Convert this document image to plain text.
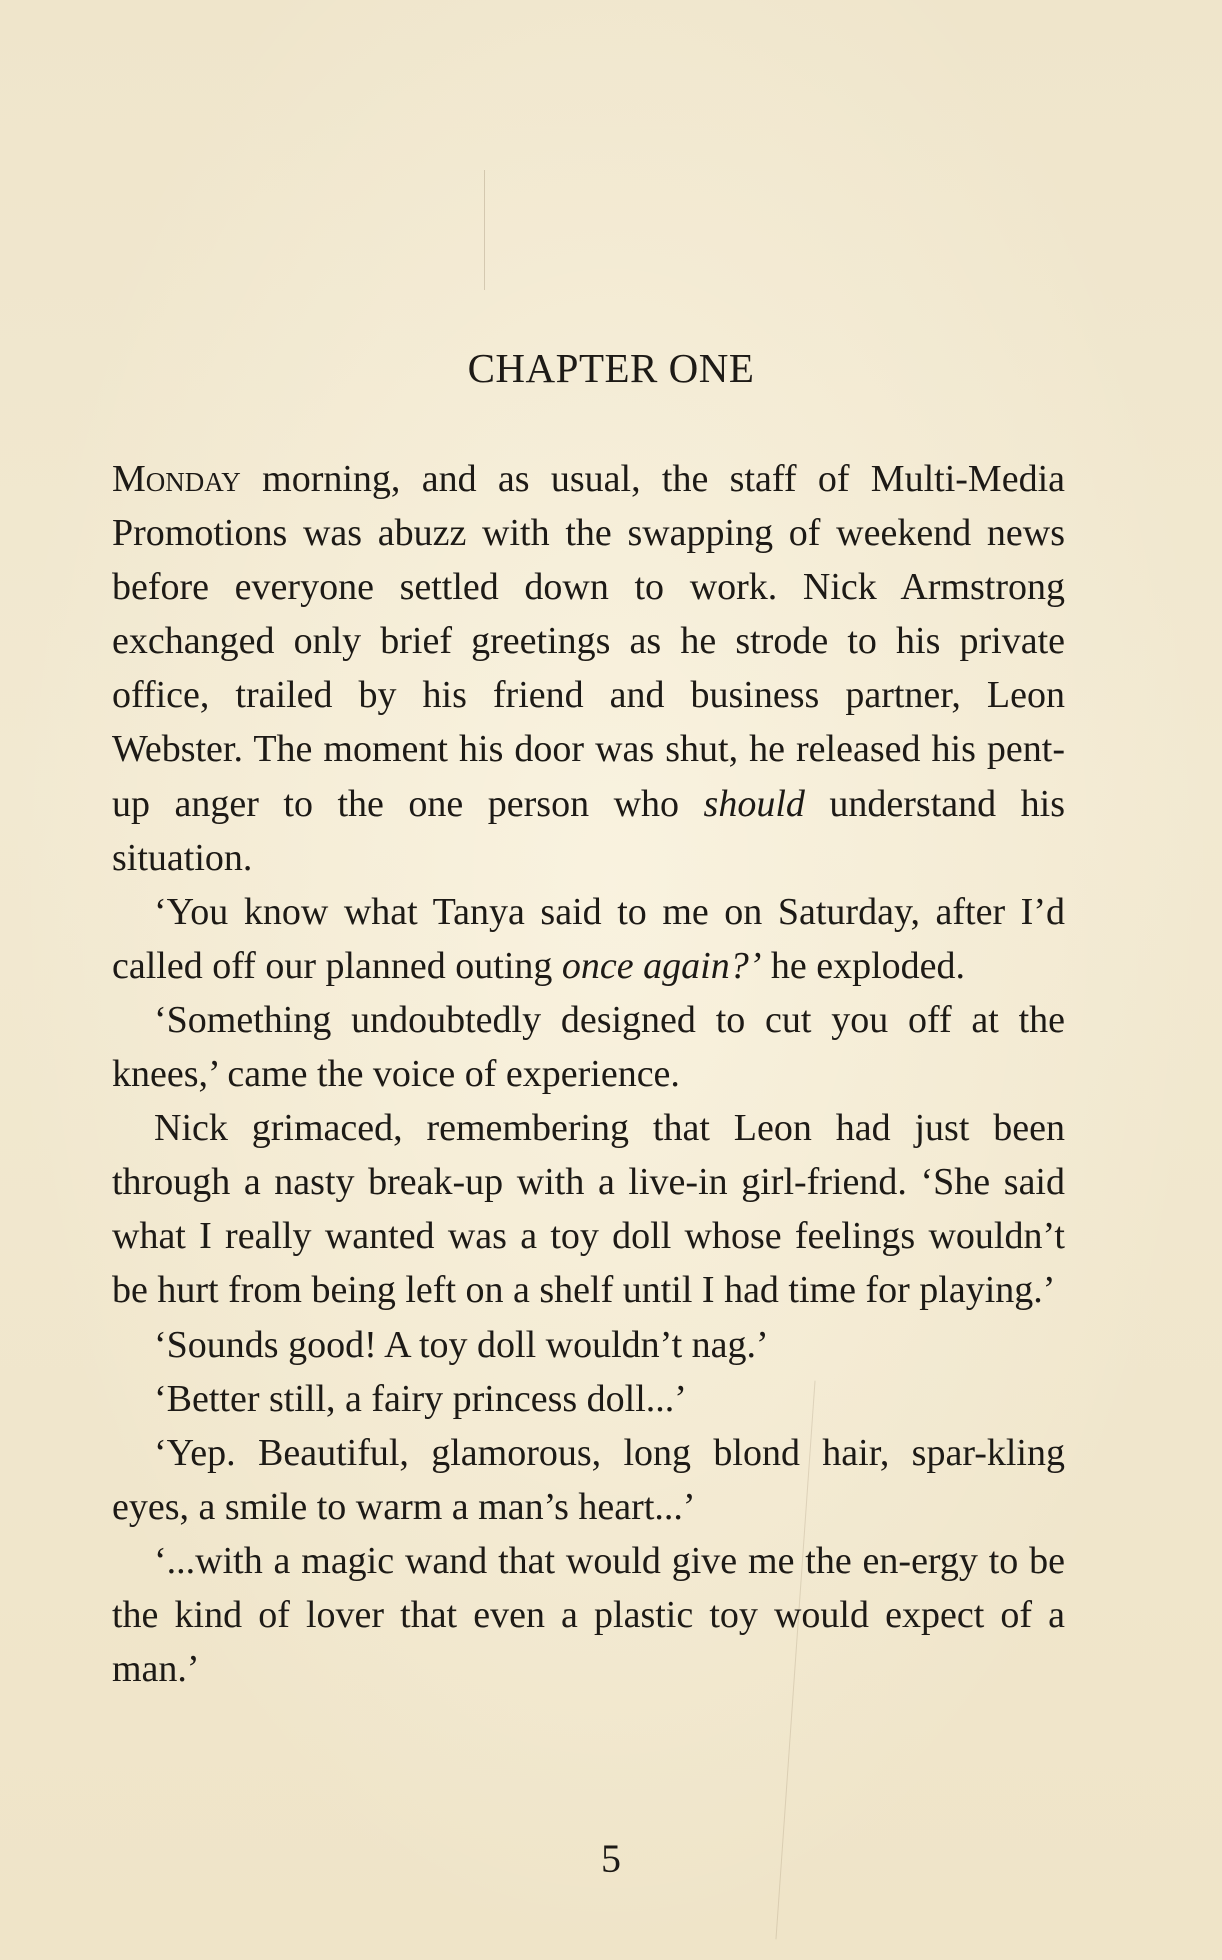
CHAPTER ONE

Monday morning, and as usual, the staff of Multi-Media Promotions was abuzz with the swapping of weekend news before everyone settled down to work. Nick Armstrong exchanged only brief greetings as he strode to his private office, trailed by his friend and business partner, Leon Webster. The moment his door was shut, he released his pent-up anger to the one person who should understand his situation.

‘You know what Tanya said to me on Saturday, after I’d called off our planned outing once again?’ he exploded.

‘Something undoubtedly designed to cut you off at the knees,’ came the voice of experience.

Nick grimaced, remembering that Leon had just been through a nasty break-up with a live-in girl-friend. ‘She said what I really wanted was a toy doll whose feelings wouldn’t be hurt from being left on a shelf until I had time for playing.’

‘Sounds good! A toy doll wouldn’t nag.’

‘Better still, a fairy princess doll...’

‘Yep. Beautiful, glamorous, long blond hair, spar-kling eyes, a smile to warm a man’s heart...’

‘...with a magic wand that would give me the en-ergy to be the kind of lover that even a plastic toy would expect of a man.’

5
